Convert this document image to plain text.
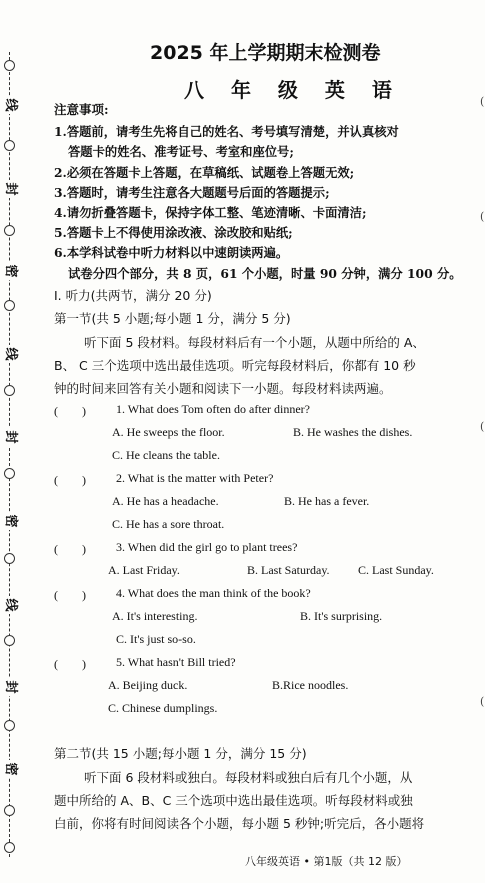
线
封
密
线
封
密
线
封
密
(
(
(
(
2025 年上学期期末检测卷
八 年 级 英 语
注意事项:
1.答题前，请考生先将自己的姓名、考号填写清楚，并认真核对
答题卡的姓名、准考证号、考室和座位号;
2.必须在答题卡上答题，在草稿纸、试题卷上答题无效;
3.答题时，请考生注意各大题题号后面的答题提示;
4.请勿折叠答题卡，保持字体工整、笔迹清晰、卡面清洁;
5.答题卡上不得使用涂改液、涂改胶和贴纸;
6.本学科试卷中听力材料以中速朗读两遍。
试卷分四个部分，共 8 页，61 个小题，时量 90 分钟，满分 100 分。
I. 听力(共两节，满分 20 分)
第一节(共 5 小题;每小题 1 分，满分 5 分)
听下面 5 段材料。每段材料后有一个小题，从题中所给的 A、
B、 C 三个选项中选出最佳选项。听完每段材料后，你都有 10 秒
钟的时间来回答有关小题和阅读下一小题。每段材料读两遍。
(　　)	1. What does Tom often do after dinner?
A. He sweeps the floor.	B. He washes the dishes.
C. He cleans the table.
(　　)	2. What is the matter with Peter?
A. He has a headache.	B. He has a fever.
C. He has a sore throat.
(　　)	3. When did the girl go to plant trees?
A. Last Friday.	B. Last Saturday. C. Last Sunday.
(　　)	4. What does the man think of the book?
A. It's interesting.	B. It's surprising.
C. It's just so-so.
(　　)	5. What hasn't Bill tried?
A. Beijing duck.	B.Rice noodles.
C. Chinese dumplings.
第二节(共 15 小题;每小题 1 分，满分 15 分)
听下面 6 段材料或独白。每段材料或独白后有几个小题，从
题中所给的 A、B、C 三个选项中选出最佳选项。听每段材料或独
白前，你将有时间阅读各个小题，每小题 5 秒钟;听完后，各小题将
八年级英语 • 第1版（共 12 版）
